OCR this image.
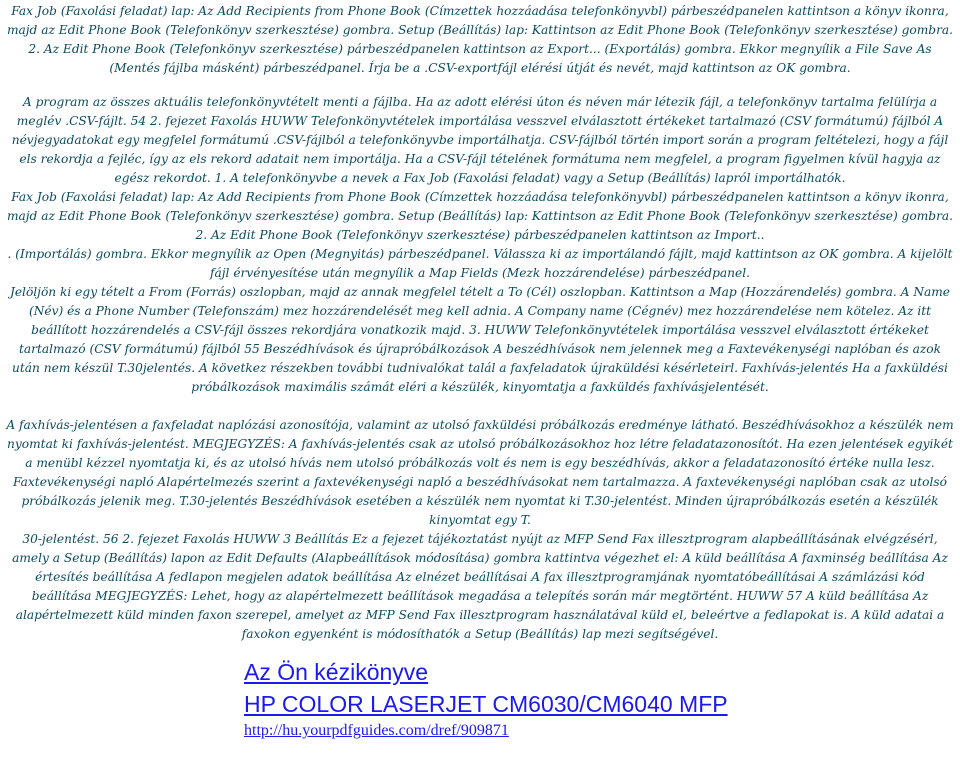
Fax Job (Faxolási feladat) lap: Az Add Recipients from Phone Book (Címzettek hozzáadása telefonkönyvbl) párbeszédpanelen kattintson a könyv ikonra, majd az Edit Phone Book (Telefonkönyv szerkesztése) gombra. Setup (Beállítás) lap: Kattintson az Edit Phone Book (Telefonkönyv szerkesztése) gombra. 2. Az Edit Phone Book (Telefonkönyv szerkesztése) párbeszédpanelen kattintson az Export... (Exportálás) gombra. Ekkor megnyílik a File Save As (Mentés fájlba másként) párbeszédpanel. Írja be a .CSV-exportfájl elérési útját és nevét, majd kattintson az OK gombra.

A program az összes aktuális telefonkönyvtételt menti a fájlba. Ha az adott elérési úton és néven már létezik fájl, a telefonkönyv tartalma felülírja a meglév .CSV-fájlt. 54 2. fejezet Faxolás HUWW Telefonkönyvtételek importálása vesszvel elválasztott értékeket tartalmazó (CSV formátumú) fájlból A névjegyadatokat egy megfelel formátumú .CSV-fájlból a telefonkönyvbe importálhatja. CSV-fájlból történ import során a program feltételezi, hogy a fájl els rekordja a fejléc, így az els rekord adatait nem importálja. Ha a CSV-fájl tételének formátuma nem megfelel, a program figyelmen kívül hagyja az egész rekordot. 1. A telefonkönyvbe a nevek a Fax Job (Faxolási feladat) vagy a Setup (Beállítás) lapról importálhatók.

Fax Job (Faxolási feladat) lap: Az Add Recipients from Phone Book (Címzettek hozzáadása telefonkönyvbl) párbeszédpanelen kattintson a könyv ikonra, majd az Edit Phone Book (Telefonkönyv szerkesztése) gombra. Setup (Beállítás) lap: Kattintson az Edit Phone Book (Telefonkönyv szerkesztése) gombra. 2. Az Edit Phone Book (Telefonkönyv szerkesztése) párbeszédpanelen kattintson az Import..

. (Importálás) gombra. Ekkor megnyílik az Open (Megnyitás) párbeszédpanel. Válassza ki az importálandó fájlt, majd kattintson az OK gombra. A kijelölt fájl érvényesítése után megnyílik a Map Fields (Mezk hozzárendelése) párbeszédpanel.

Jelöljön ki egy tételt a From (Forrás) oszlopban, majd az annak megfelel tételt a To (Cél) oszlopban. Kattintson a Map (Hozzárendelés) gombra. A Name (Név) és a Phone Number (Telefonszám) mez hozzárendelését meg kell adnia. A Company name (Cégnév) mez hozzárendelése nem kötelez. Az itt beállított hozzárendelés a CSV-fájl összes rekordjára vonatkozik majd. 3. HUWW Telefonkönyvtételek importálása vesszvel elválasztott értékeket tartalmazó (CSV formátumú) fájlból 55 Beszédhívások és újrapróbálkozások A beszédhívások nem jelennek meg a Faxtevékenységi naplóban és azok után nem készül T.30jelentés. A következ részekben további tudnivalókat talál a faxfeladatok újraküldési késérleteirl. Faxhívás-jelentés Ha a faxküldési próbálkozások maximális számát eléri a készülék, kinyomtatja a faxküldés faxhívásjelentését.

A faxhívás-jelentésen a faxfeladat naplózási azonosítója, valamint az utolsó faxküldési próbálkozás eredménye látható. Beszédhívásokhoz a készülék nem nyomtat ki faxhívás-jelentést. MEGJEGYZÉS: A faxhívás-jelentés csak az utolsó próbálkozásokhoz hoz létre feladatazonosítót. Ha ezen jelentések egyikét a menübl kézzel nyomtatja ki, és az utolsó hívás nem utolsó próbálkozás volt és nem is egy beszédhívás, akkor a feladatazonosító értéke nulla lesz. Faxtevékenységi napló Alapértelmezés szerint a faxtevékenységi napló a beszédhívásokat nem tartalmazza. A faxtevékenységi naplóban csak az utolsó próbálkozás jelenik meg. T.30-jelentés Beszédhívások esetében a készülék nem nyomtat ki T.30-jelentést. Minden újrapróbálkozás esetén a készülék kinyomtat egy T.

30-jelentést. 56 2. fejezet Faxolás HUWW 3 Beállítás Ez a fejezet tájékoztatást nyújt az MFP Send Fax illesztprogram alapbeállításának elvégzésérl, amely a Setup (Beállítás) lapon az Edit Defaults (Alapbeállítások módosítása) gombra kattintva végezhet el: A küld beállítása A faxminség beállítása Az értesítés beállítása A fedlapon megjelen adatok beállítása Az elnézet beállításai A fax illesztprogramjának nyomtatóbeállításai A számlázási kód beállítása MEGJEGYZÉS: Lehet, hogy az alapértelmezett beállítások megadása a telepítés során már megtörtént. HUWW 57 A küld beállítása Az alapértelmezett küld minden faxon szerepel, amelyet az MFP Send Fax illesztprogram használatával küld el, beleértve a fedlapokat is. A küld adatai a faxokon egyenként is módosíthatók a Setup (Beállítás) lap mezi segítségével.

Az Ön kézikönyve
HP COLOR LASERJET CM6030/CM6040 MFP
http://hu.yourpdfguides.com/dref/909871
